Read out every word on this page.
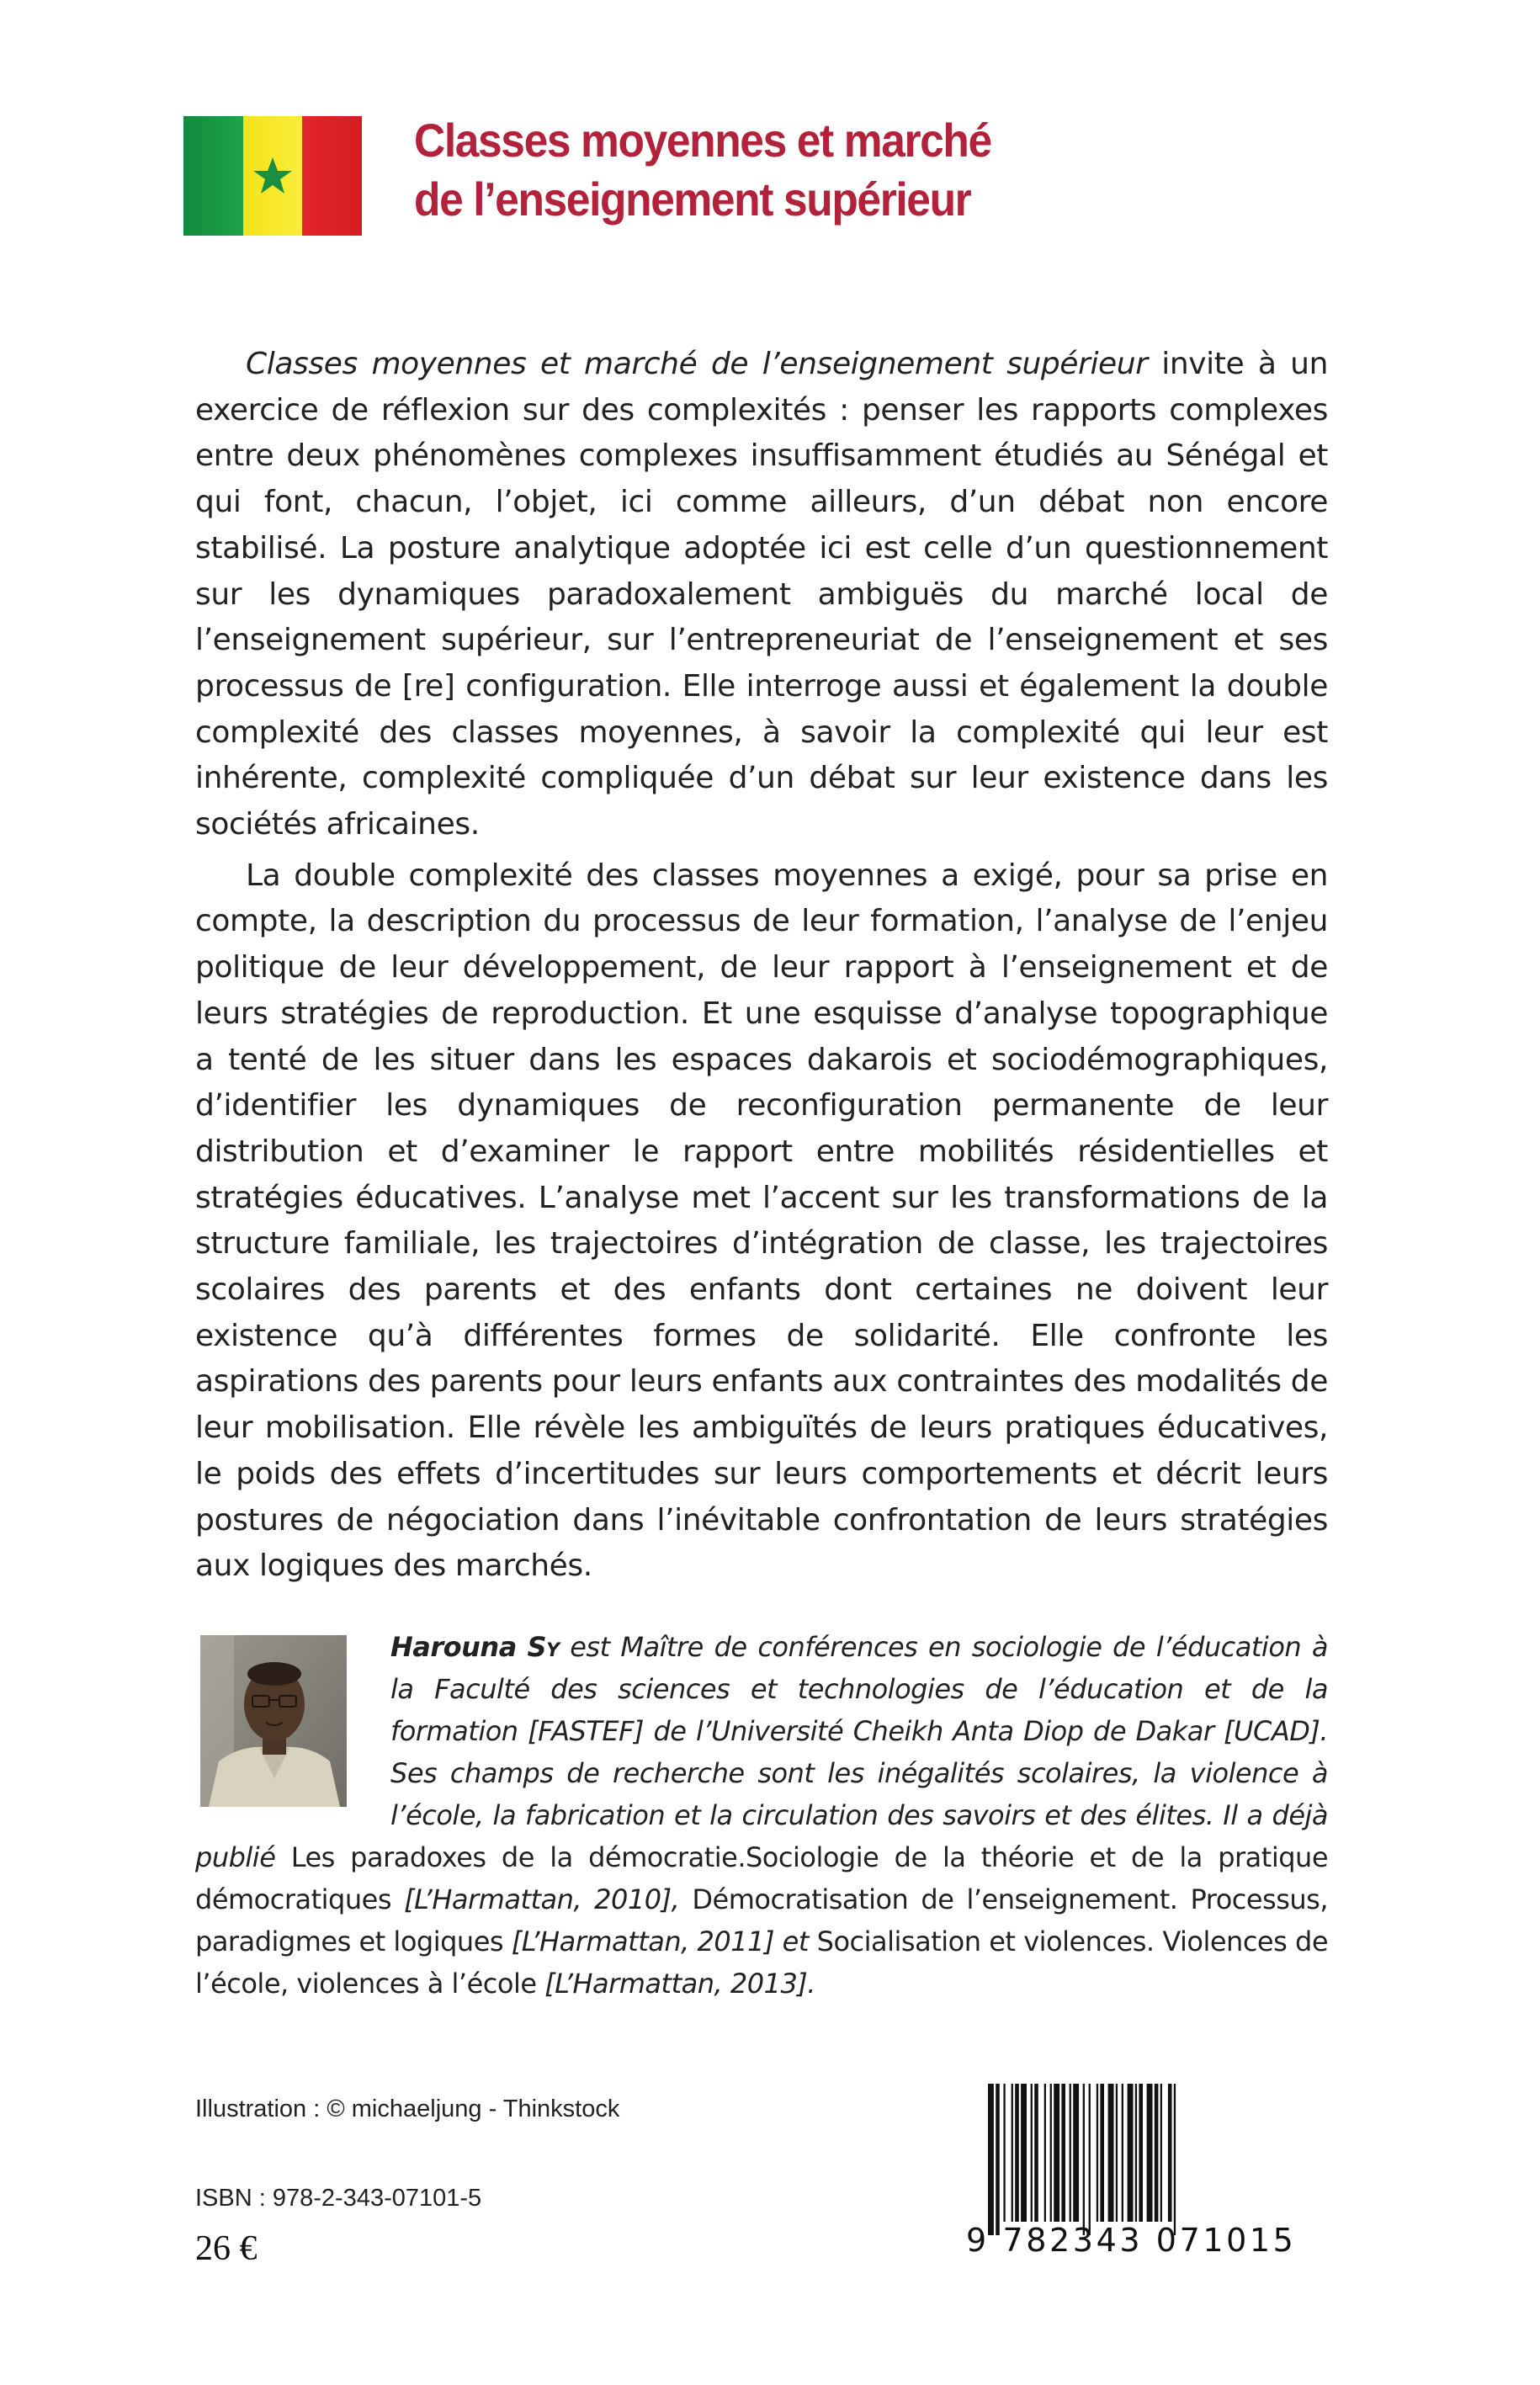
Classes moyennes et marché
de l’enseignement supérieur

Classes moyennes et marché de l’enseignement supérieur invite à un exercice de réflexion sur des complexités : penser les rapports complexes entre deux phénomènes complexes insuffisamment étudiés au Sénégal et qui font, chacun, l’objet, ici comme ailleurs, d’un débat non encore stabilisé. La posture analytique adoptée ici est celle d’un questionnement sur les dynamiques paradoxalement ambiguës du marché local de l’enseignement supérieur, sur l’entrepreneuriat de l’enseignement et ses processus de [re] configuration. Elle interroge aussi et également la double complexité des classes moyennes, à savoir la complexité qui leur est inhérente, complexité compliquée d’un débat sur leur existence dans les sociétés africaines.

La double complexité des classes moyennes a exigé, pour sa prise en compte, la description du processus de leur formation, l’analyse de l’enjeu politique de leur développement, de leur rapport à l’enseignement et de leurs stratégies de reproduction. Et une esquisse d’analyse topographique a tenté de les situer dans les espaces dakarois et sociodémographiques, d’identifier les dynamiques de reconfiguration permanente de leur distribution et d’examiner le rapport entre mobilités résidentielles et stratégies éducatives. L’analyse met l’accent sur les transformations de la structure familiale, les trajectoires d’intégration de classe, les trajectoires scolaires des parents et des enfants dont certaines ne doivent leur existence qu’à différentes formes de solidarité. Elle confronte les aspirations des parents pour leurs enfants aux contraintes des modalités de leur mobilisation. Elle révèle les ambiguïtés de leurs pratiques éducatives, le poids des effets d’incertitudes sur leurs comportements et décrit leurs postures de négociation dans l’inévitable confrontation de leurs stratégies aux logiques des marchés.

Harouna Sy est Maître de conférences en sociologie de l’éducation à la Faculté des sciences et technologies de l’éducation et de la formation [FASTEF] de l’Université Cheikh Anta Diop de Dakar [UCAD]. Ses champs de recherche sont les inégalités scolaires, la violence à l’école, la fabrication et la circulation des savoirs et des élites. Il a déjà publié Les paradoxes de la démocratie.Sociologie de la théorie et de la pratique démocratiques [L’Harmattan, 2010], Démocratisation de l’enseignement. Processus, paradigmes et logiques [L’Harmattan, 2011] et Socialisation et violences. Violences de l’école, violences à l’école [L’Harmattan, 2013].
Illustration : © michaeljung - Thinkstock
ISBN : 978-2-343-07101-5
26 €	9 782343 071015
